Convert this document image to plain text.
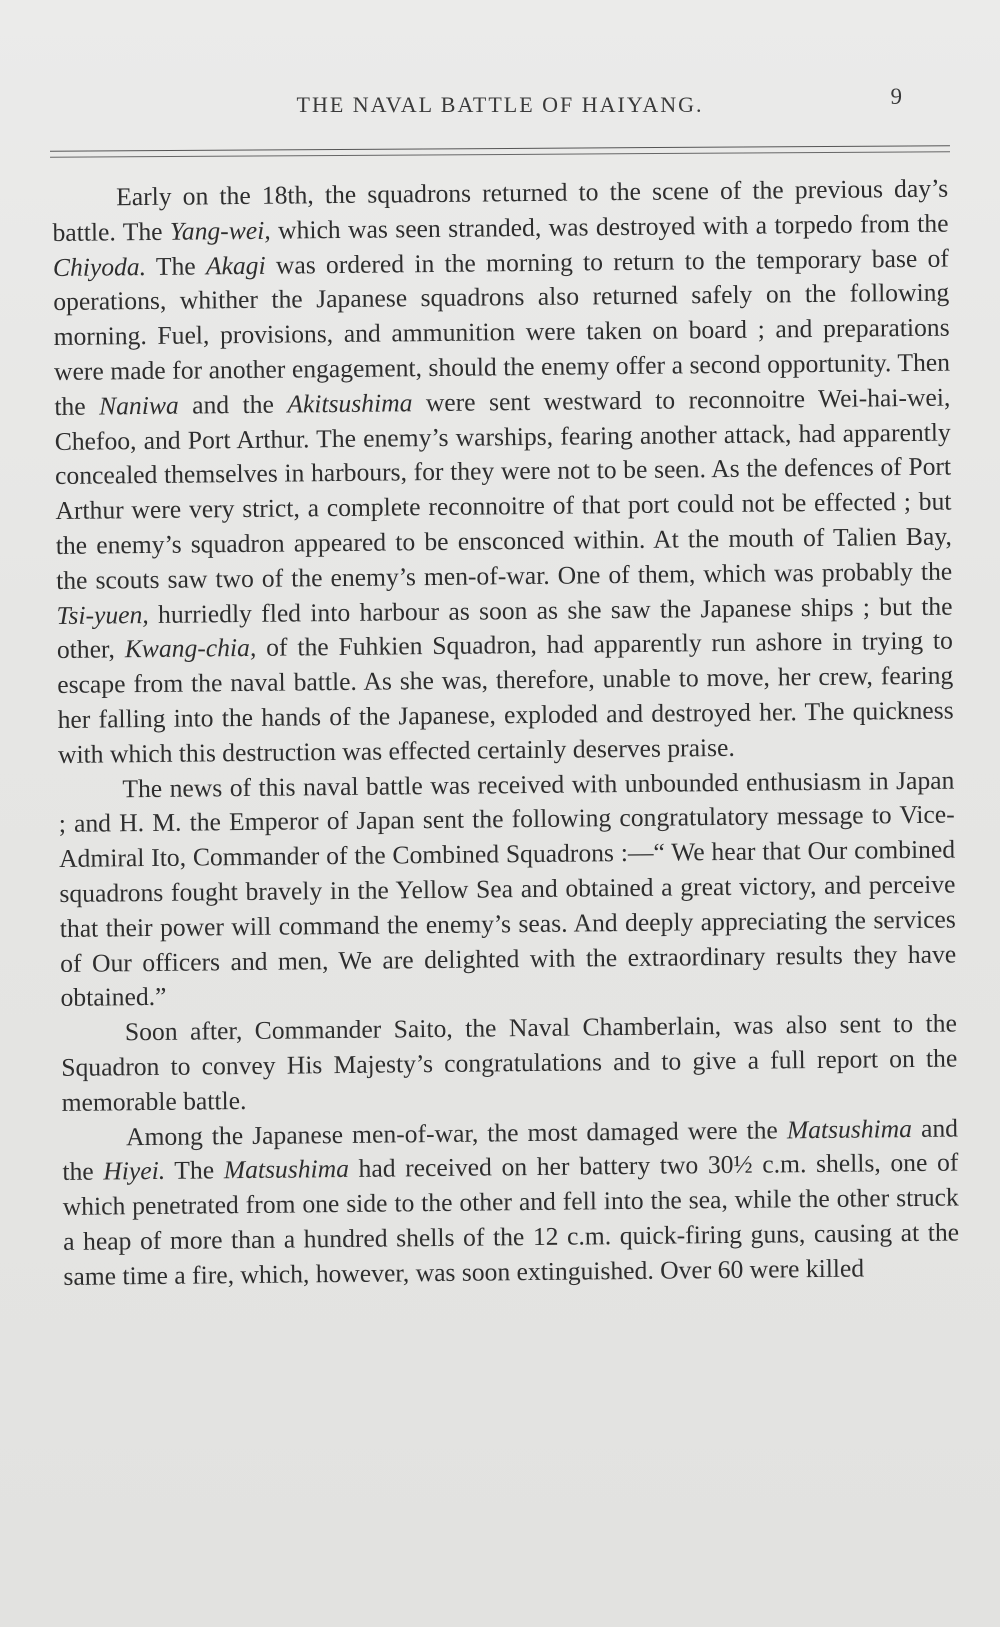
THE NAVAL BATTLE OF HAIYANG.	9

Early on the 18th, the squadrons returned to the scene of the previous day’s battle. The Yang-wei, which was seen stranded, was destroyed with a torpedo from the Chiyoda. The Akagi was ordered in the morning to return to the temporary base of operations, whither the Japanese squadrons also returned safely on the following morning. Fuel, provisions, and ammunition were taken on board ; and preparations were made for another engagement, should the enemy offer a second opportunity. Then the Naniwa and the Akitsushima were sent westward to reconnoitre Wei-hai-wei, Chefoo, and Port Arthur. The enemy’s warships, fearing another attack, had apparently concealed themselves in harbours, for they were not to be seen. As the defences of Port Arthur were very strict, a complete reconnoitre of that port could not be effected ; but the enemy’s squadron appeared to be ensconced within. At the mouth of Talien Bay, the scouts saw two of the enemy’s men-of-war. One of them, which was probably the Tsi-yuen, hurriedly fled into harbour as soon as she saw the Japanese ships ; but the other, Kwang-chia, of the Fuhkien Squadron, had apparently run ashore in trying to escape from the naval battle. As she was, therefore, unable to move, her crew, fearing her falling into the hands of the Japanese, exploded and destroyed her. The quickness with which this destruction was effected certainly deserves praise.

The news of this naval battle was received with unbounded enthusiasm in Japan ; and H. M. the Emperor of Japan sent the following congratulatory message to Vice-Admiral Ito, Commander of the Combined Squadrons :—“ We hear that Our combined squadrons fought bravely in the Yellow Sea and obtained a great victory, and perceive that their power will command the enemy’s seas. And deeply appreciating the services of Our officers and men, We are delighted with the extraordinary results they have obtained.”

Soon after, Commander Saito, the Naval Chamberlain, was also sent to the Squadron to convey His Majesty’s congratulations and to give a full report on the memorable battle.

Among the Japanese men-of-war, the most damaged were the Matsushima and the Hiyei. The Matsushima had received on her battery two 30½ c.m. shells, one of which penetrated from one side to the other and fell into the sea, while the other struck a heap of more than a hundred shells of the 12 c.m. quick-firing guns, causing at the same time a fire, which, however, was soon extinguished. Over 60 were killed
